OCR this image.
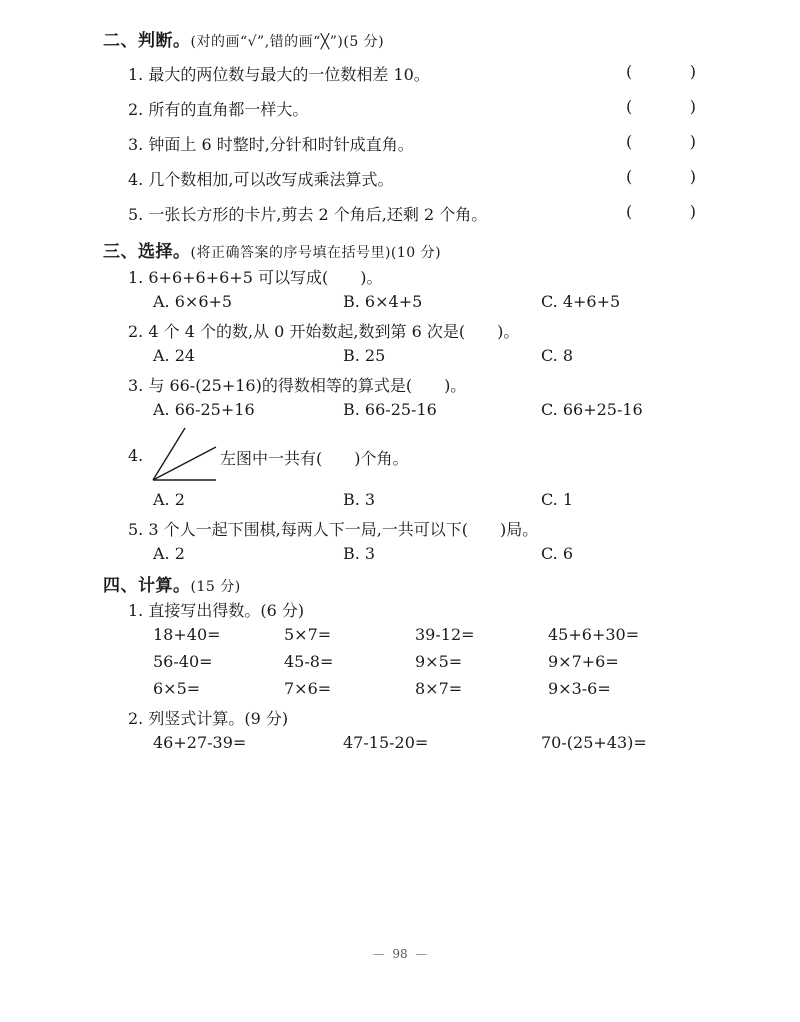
二、判断。(对的画“√”,错的画“╳”)(5 分)
1. 最大的两位数与最大的一位数相差 10。	(	)
2. 所有的直角都一样大。	(	)
3. 钟面上 6 时整时,分针和时针成直角。	(	)
4. 几个数相加,可以改写成乘法算式。	(	)
5. 一张长方形的卡片,剪去 2 个角后,还剩 2 个角。	(	)
三、选择。(将正确答案的序号填在括号里)(10 分)
1. 6+6+6+6+5 可以写成(　　)。
A. 6×6+5	B. 6×4+5	C. 4+6+5
2. 4 个 4 个的数,从 0 开始数起,数到第 6 次是(　　)。
A. 24	B. 25	C. 8
3. 与 66-(25+16)的得数相等的算式是(　　)。
A. 66-25+16	B. 66-25-16	C. 66+25-16
4.	左图中一共有(　　)个角。
A. 2	B. 3	C. 1
5. 3 个人一起下围棋,每两人下一局,一共可以下(　　)局。
A. 2	B. 3	C. 6
四、计算。(15 分)
1. 直接写出得数。(6 分)
18+40=	5×7=	39-12=	45+6+30=
56-40=	45-8=	9×5=	9×7+6=
6×5=	7×6=	8×7=	9×3-6=
2. 列竖式计算。(9 分)
46+27-39=	47-15-20=	70-(25+43)=
— 98 —
